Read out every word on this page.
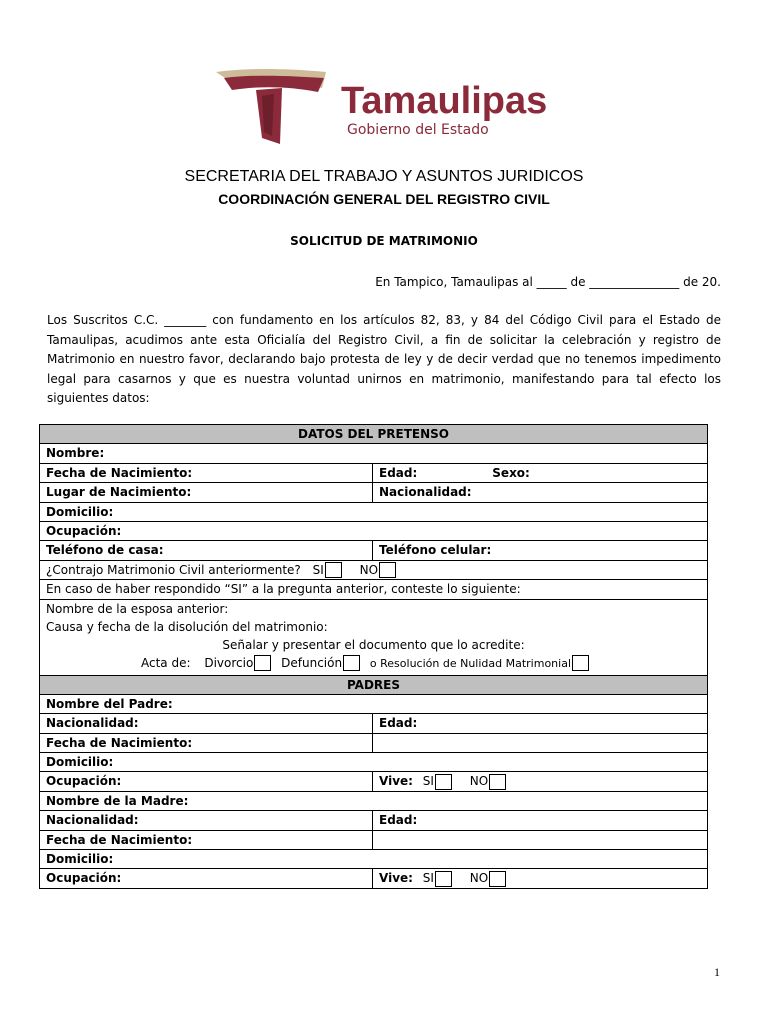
Tamaulipas
Gobierno del Estado
SECRETARIA DEL TRABAJO Y ASUNTOS JURIDICOS
COORDINACIÓN GENERAL DEL REGISTRO CIVIL
SOLICITUD DE MATRIMONIO
En Tampico, Tamaulipas al _____ de _______________ de 20.
Los Suscritos C.C. _______ con fundamento en los artículos 82, 83, y 84 del Código Civil para el Estado de Tamaulipas, acudimos ante esta Oficialía del Registro Civil, a fin de solicitar la celebración y registro de Matrimonio en nuestro favor, declarando bajo protesta de ley y de decir verdad que no tenemos impedimento legal para casarnos y que es nuestra voluntad unirnos en matrimonio, manifestando para tal efecto los siguientes datos:
DATOS DEL PRETENSO	
Nombre:	
Fecha de Nacimiento:	Edad: Sexo:
Lugar de Nacimiento:	Nacionalidad:
Domicilio:	
Ocupación:	
Teléfono de casa:	Teléfono celular:
¿Contrajo Matrimonio Civil anteriormente? SI NO	
En caso de haber respondido “SI” a la pregunta anterior, conteste lo siguiente:	

Nombre de la esposa anterior:
Causa y fecha de la disolución del matrimonio:
Señalar y presentar el documento que lo acredite:
Acta de: Divorcio Defunción o Resolución de Nulidad Matrimonial	

PADRES	
Nombre del Padre:	
Nacionalidad:	Edad:
Fecha de Nacimiento:	
Domicilio:	
Ocupación:	Vive: SI NO
Nombre de la Madre:	
Nacionalidad:	Edad:
Fecha de Nacimiento:	
Domicilio:	
Ocupación:	Vive: SI NO
1
